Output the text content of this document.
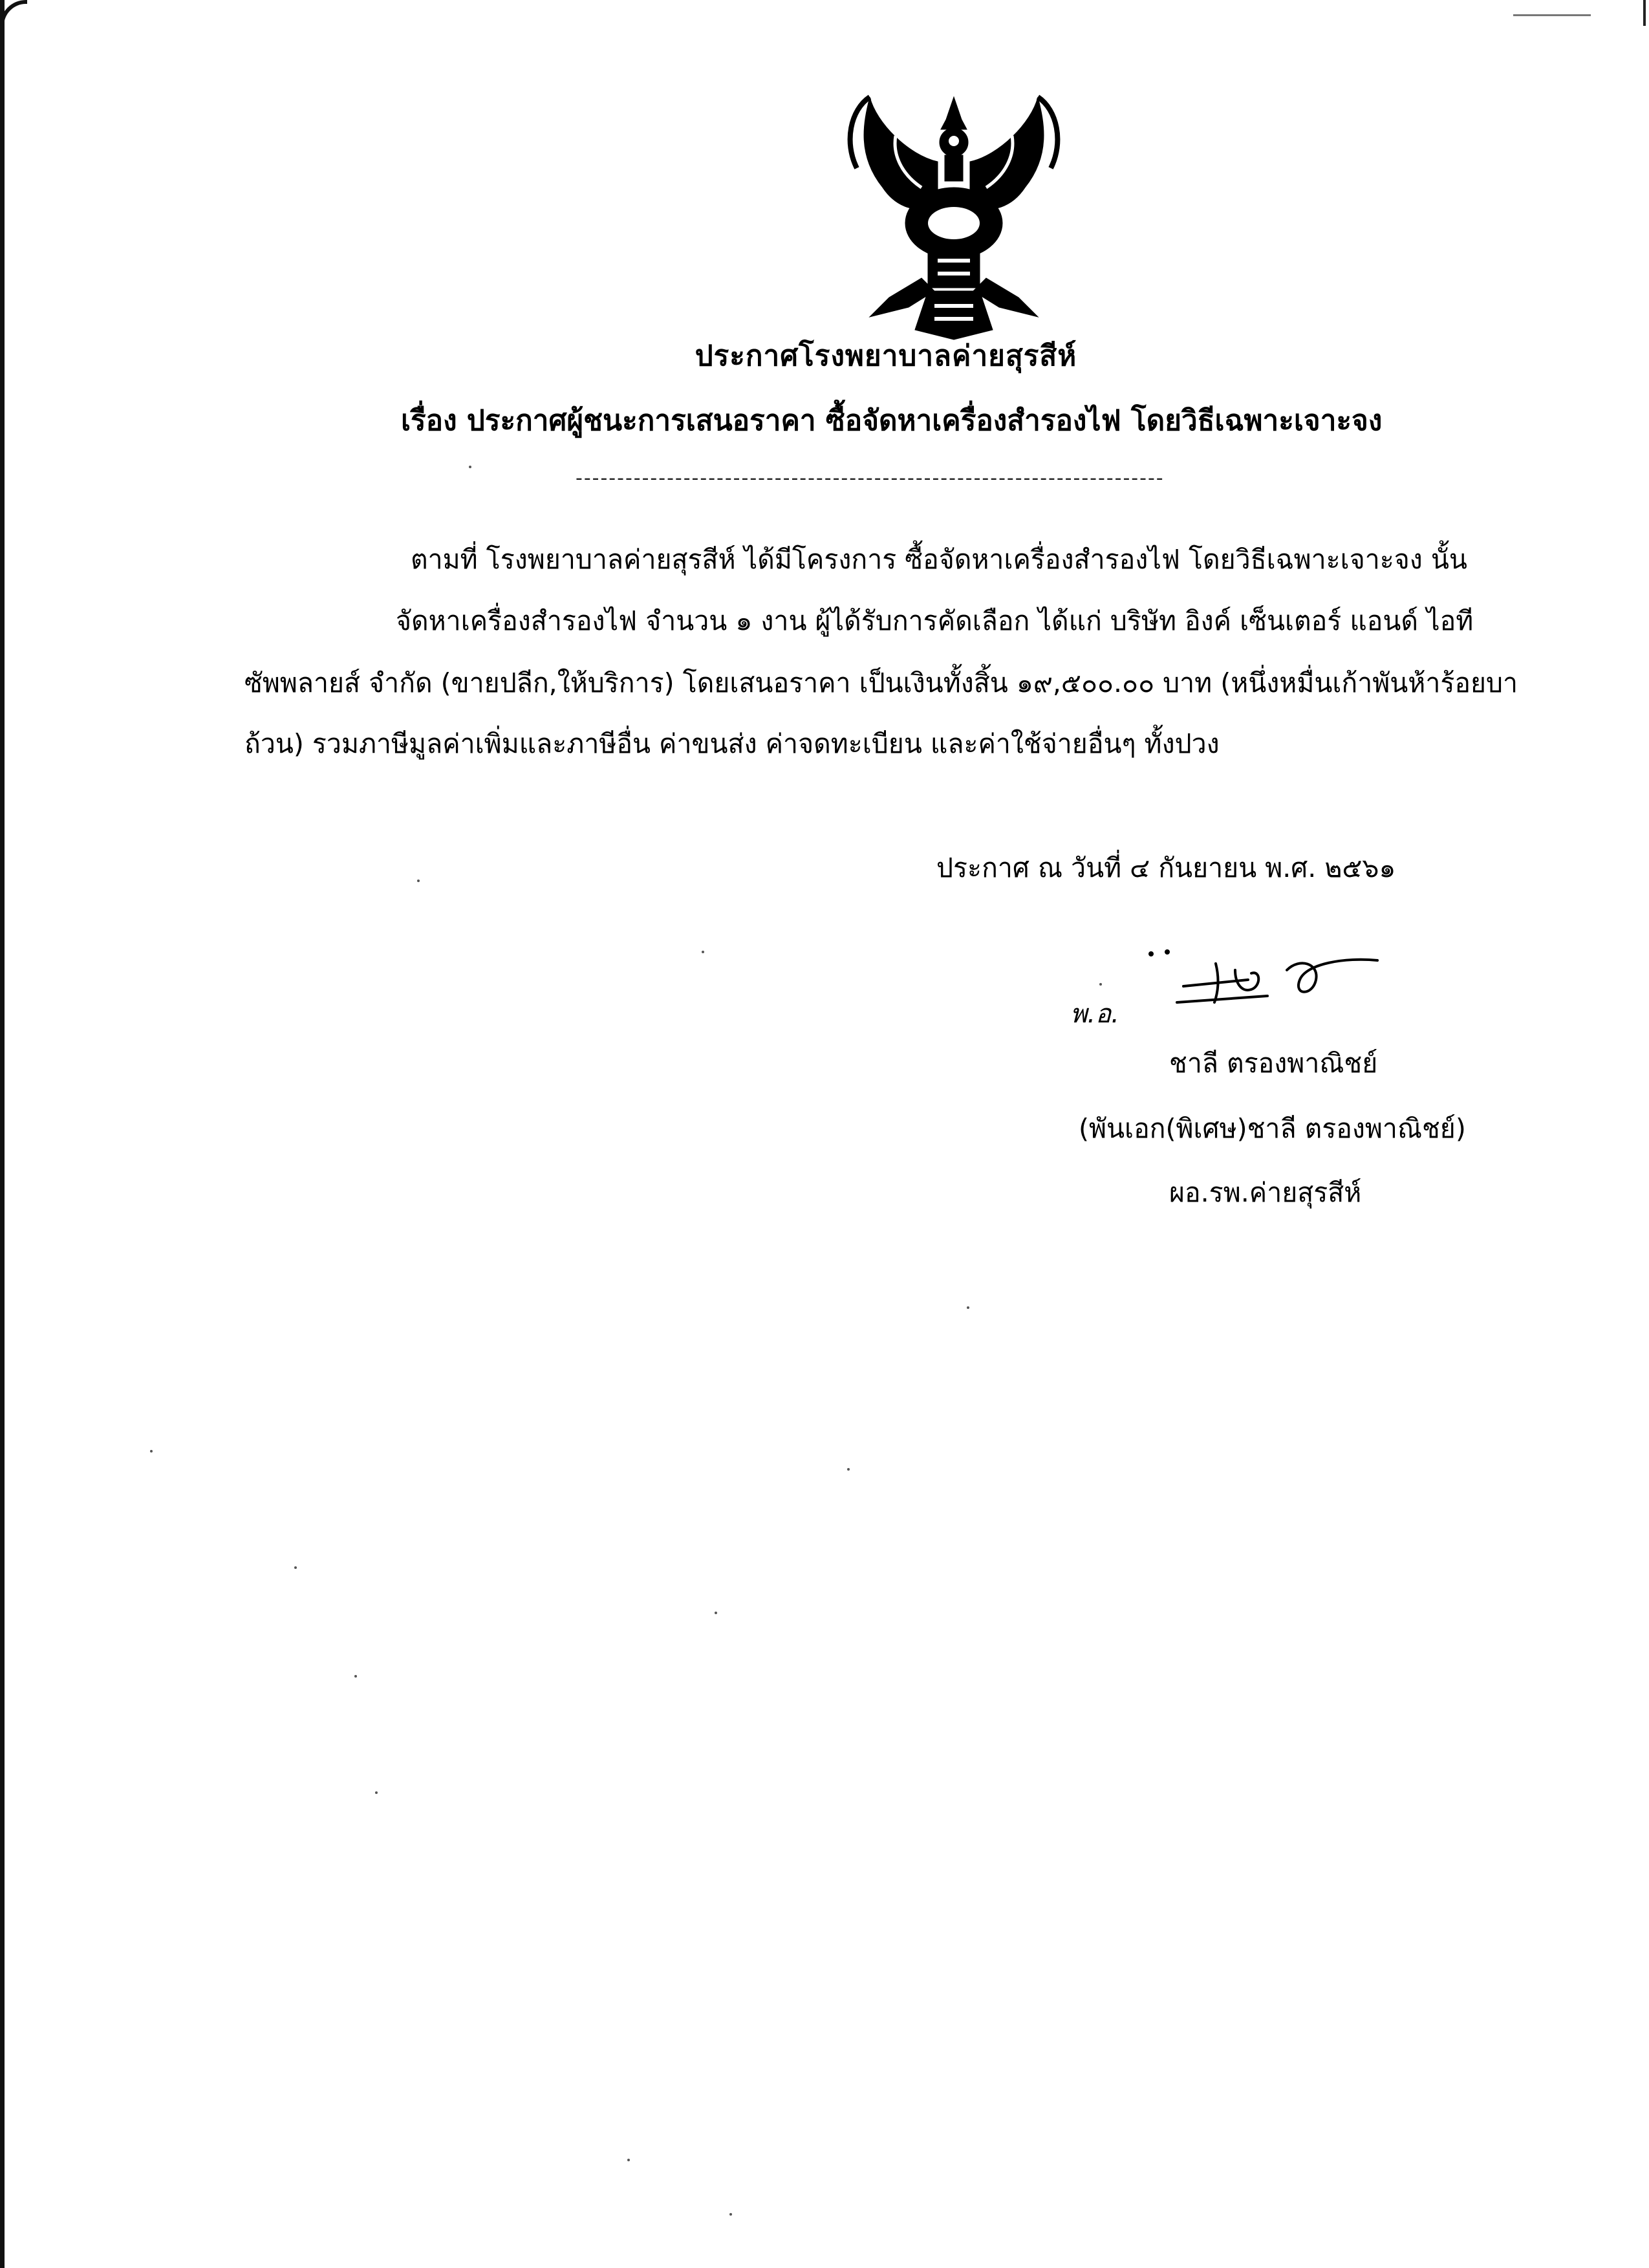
ประกาศโรงพยาบาลค่ายสุรสีห์
เรื่อง ประกาศผู้ชนะการเสนอราคา ซื้อจัดหาเครื่องสำรองไฟ โดยวิธีเฉพาะเจาะจง
-----------------------------------------------------------------------
ตามที่ โรงพยาบาลค่ายสุรสีห์ ได้มีโครงการ ซื้อจัดหาเครื่องสำรองไฟ โดยวิธีเฉพาะเจาะจง นั้น
จัดหาเครื่องสำรองไฟ จำนวน ๑ งาน ผู้ได้รับการคัดเลือก ได้แก่ บริษัท อิงค์ เซ็นเตอร์ แอนด์ ไอที
ซัพพลายส์ จำกัด (ขายปลีก,ให้บริการ) โดยเสนอราคา เป็นเงินทั้งสิ้น ๑๙,๕๐๐.๐๐ บาท (หนึ่งหมื่นเก้าพันห้าร้อยบา
ถ้วน) รวมภาษีมูลค่าเพิ่มและภาษีอื่น ค่าขนส่ง ค่าจดทะเบียน และค่าใช้จ่ายอื่นๆ ทั้งปวง
ประกาศ ณ วันที่ ๔ กันยายน พ.ศ. ๒๕๖๑
พ.อ.
ชาลี ตรองพาณิชย์
(พันเอก(พิเศษ)ชาลี ตรองพาณิชย์)
ผอ.รพ.ค่ายสุรสีห์
